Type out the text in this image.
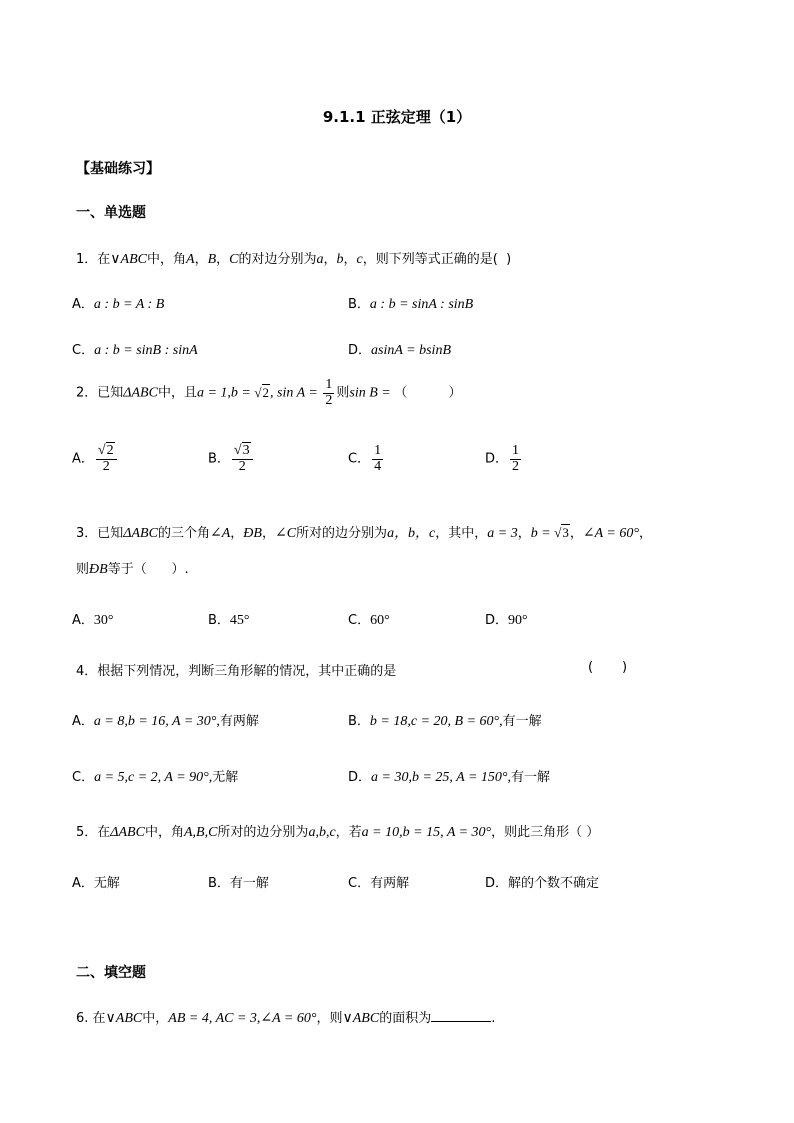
9.1.1 正弦定理（1）
【基础练习】
一、单选题
1．在∨ABC中，角A，B，C的对边分别为a，b，c，则下列等式正确的是(  )
A．a : b = A : B	B．a : b = sinA : sinB
C．a : b = sinB : sinA	D．asinA = bsinB
2．已知ΔABC中，且a = 1,b = √2, $\sin A = \frac{1}{2}$ 则sin B = （          ）
A． $\frac{√2}{2}$	B． $\frac{√3}{2}$	C． $\frac{1}{4}$	D． $\frac{1}{2}$
3．已知ΔABC的三个角∠A，ÐB，∠C所对的边分别为a，b，c，其中，a = 3，b = √3，∠A = 60°，
则ÐB等于（      ）.
A．30°	B．45°	C．60°	D．90°
4．根据下列情况，判断三角形解的情况，其中正确的是	(       )
A．a = 8,b = 16, A = 30°,有两解	B．b = 18,c = 20, B = 60°,有一解
C．a = 5,c = 2, A = 90°,无解	D．a = 30,b = 25, A = 150°,有一解
5．在ΔABC中，角A,B,C所对的边分别为a,b,c，若a = 10,b = 15, A = 30°，则此三角形（ ）
A．无解	B．有一解	C．有两解	D．解的个数不确定
二、填空题
6. 在∨ABC中，AB = 4, AC = 3,∠A = 60°，则∨ABC的面积为	.
